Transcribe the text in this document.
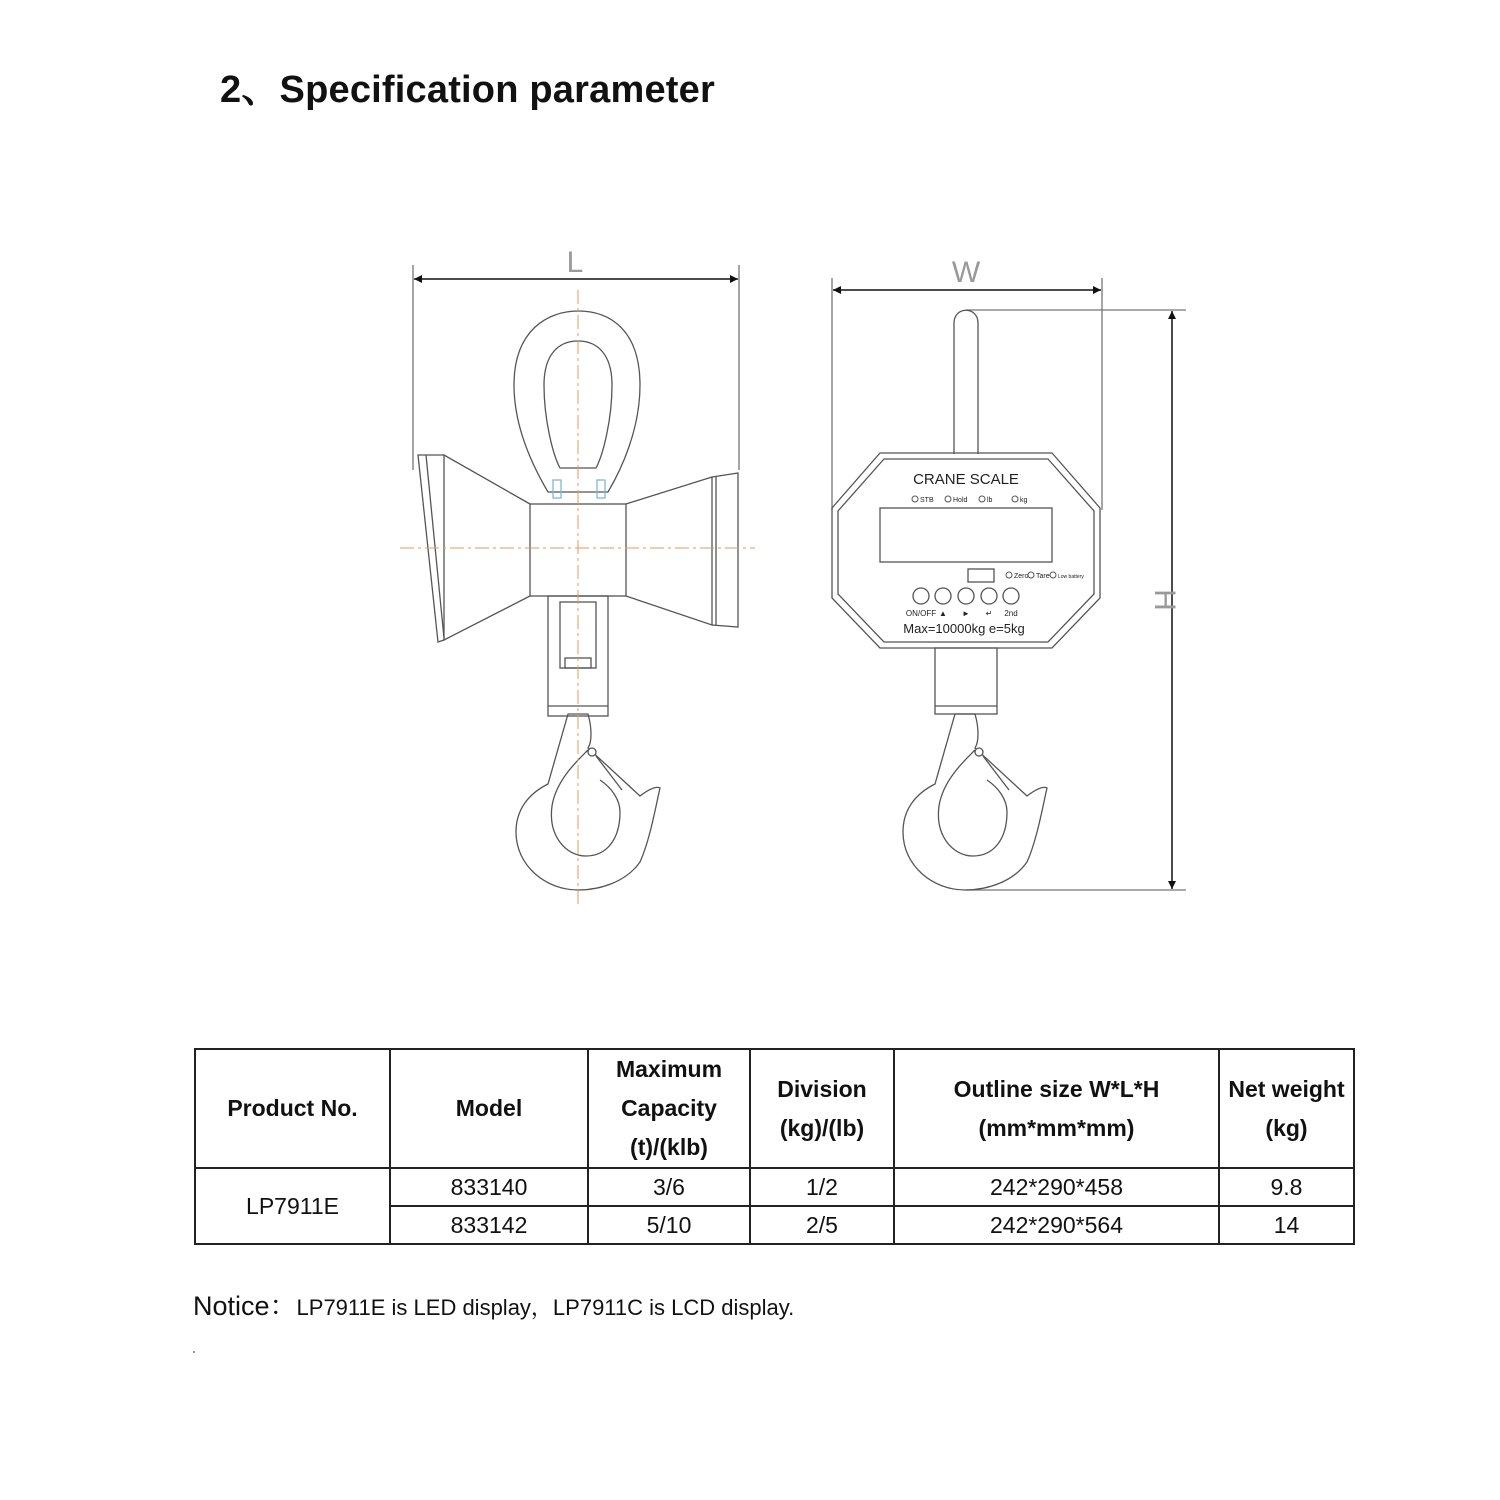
2、Specification parameter
L	W
H
CRANE SCALE
STB	Hold	lb	kg
Zero Tare Low battery
ON/OFF ▲ ► ↵ 2nd
Max=10000kg e=5kg
Product No.	Model	Maximum Capacity (t)/(klb)	Division (kg)/(lb)	Outline size W*L*H (mm*mm*mm)	Net weight (kg)
LP7911E	833140	3/6	1/2	242*290*458	9.8
	833142	5/10	2/5	242*290*564	14
Notice：LP7911E is LED display，LP7911C is LCD display.
